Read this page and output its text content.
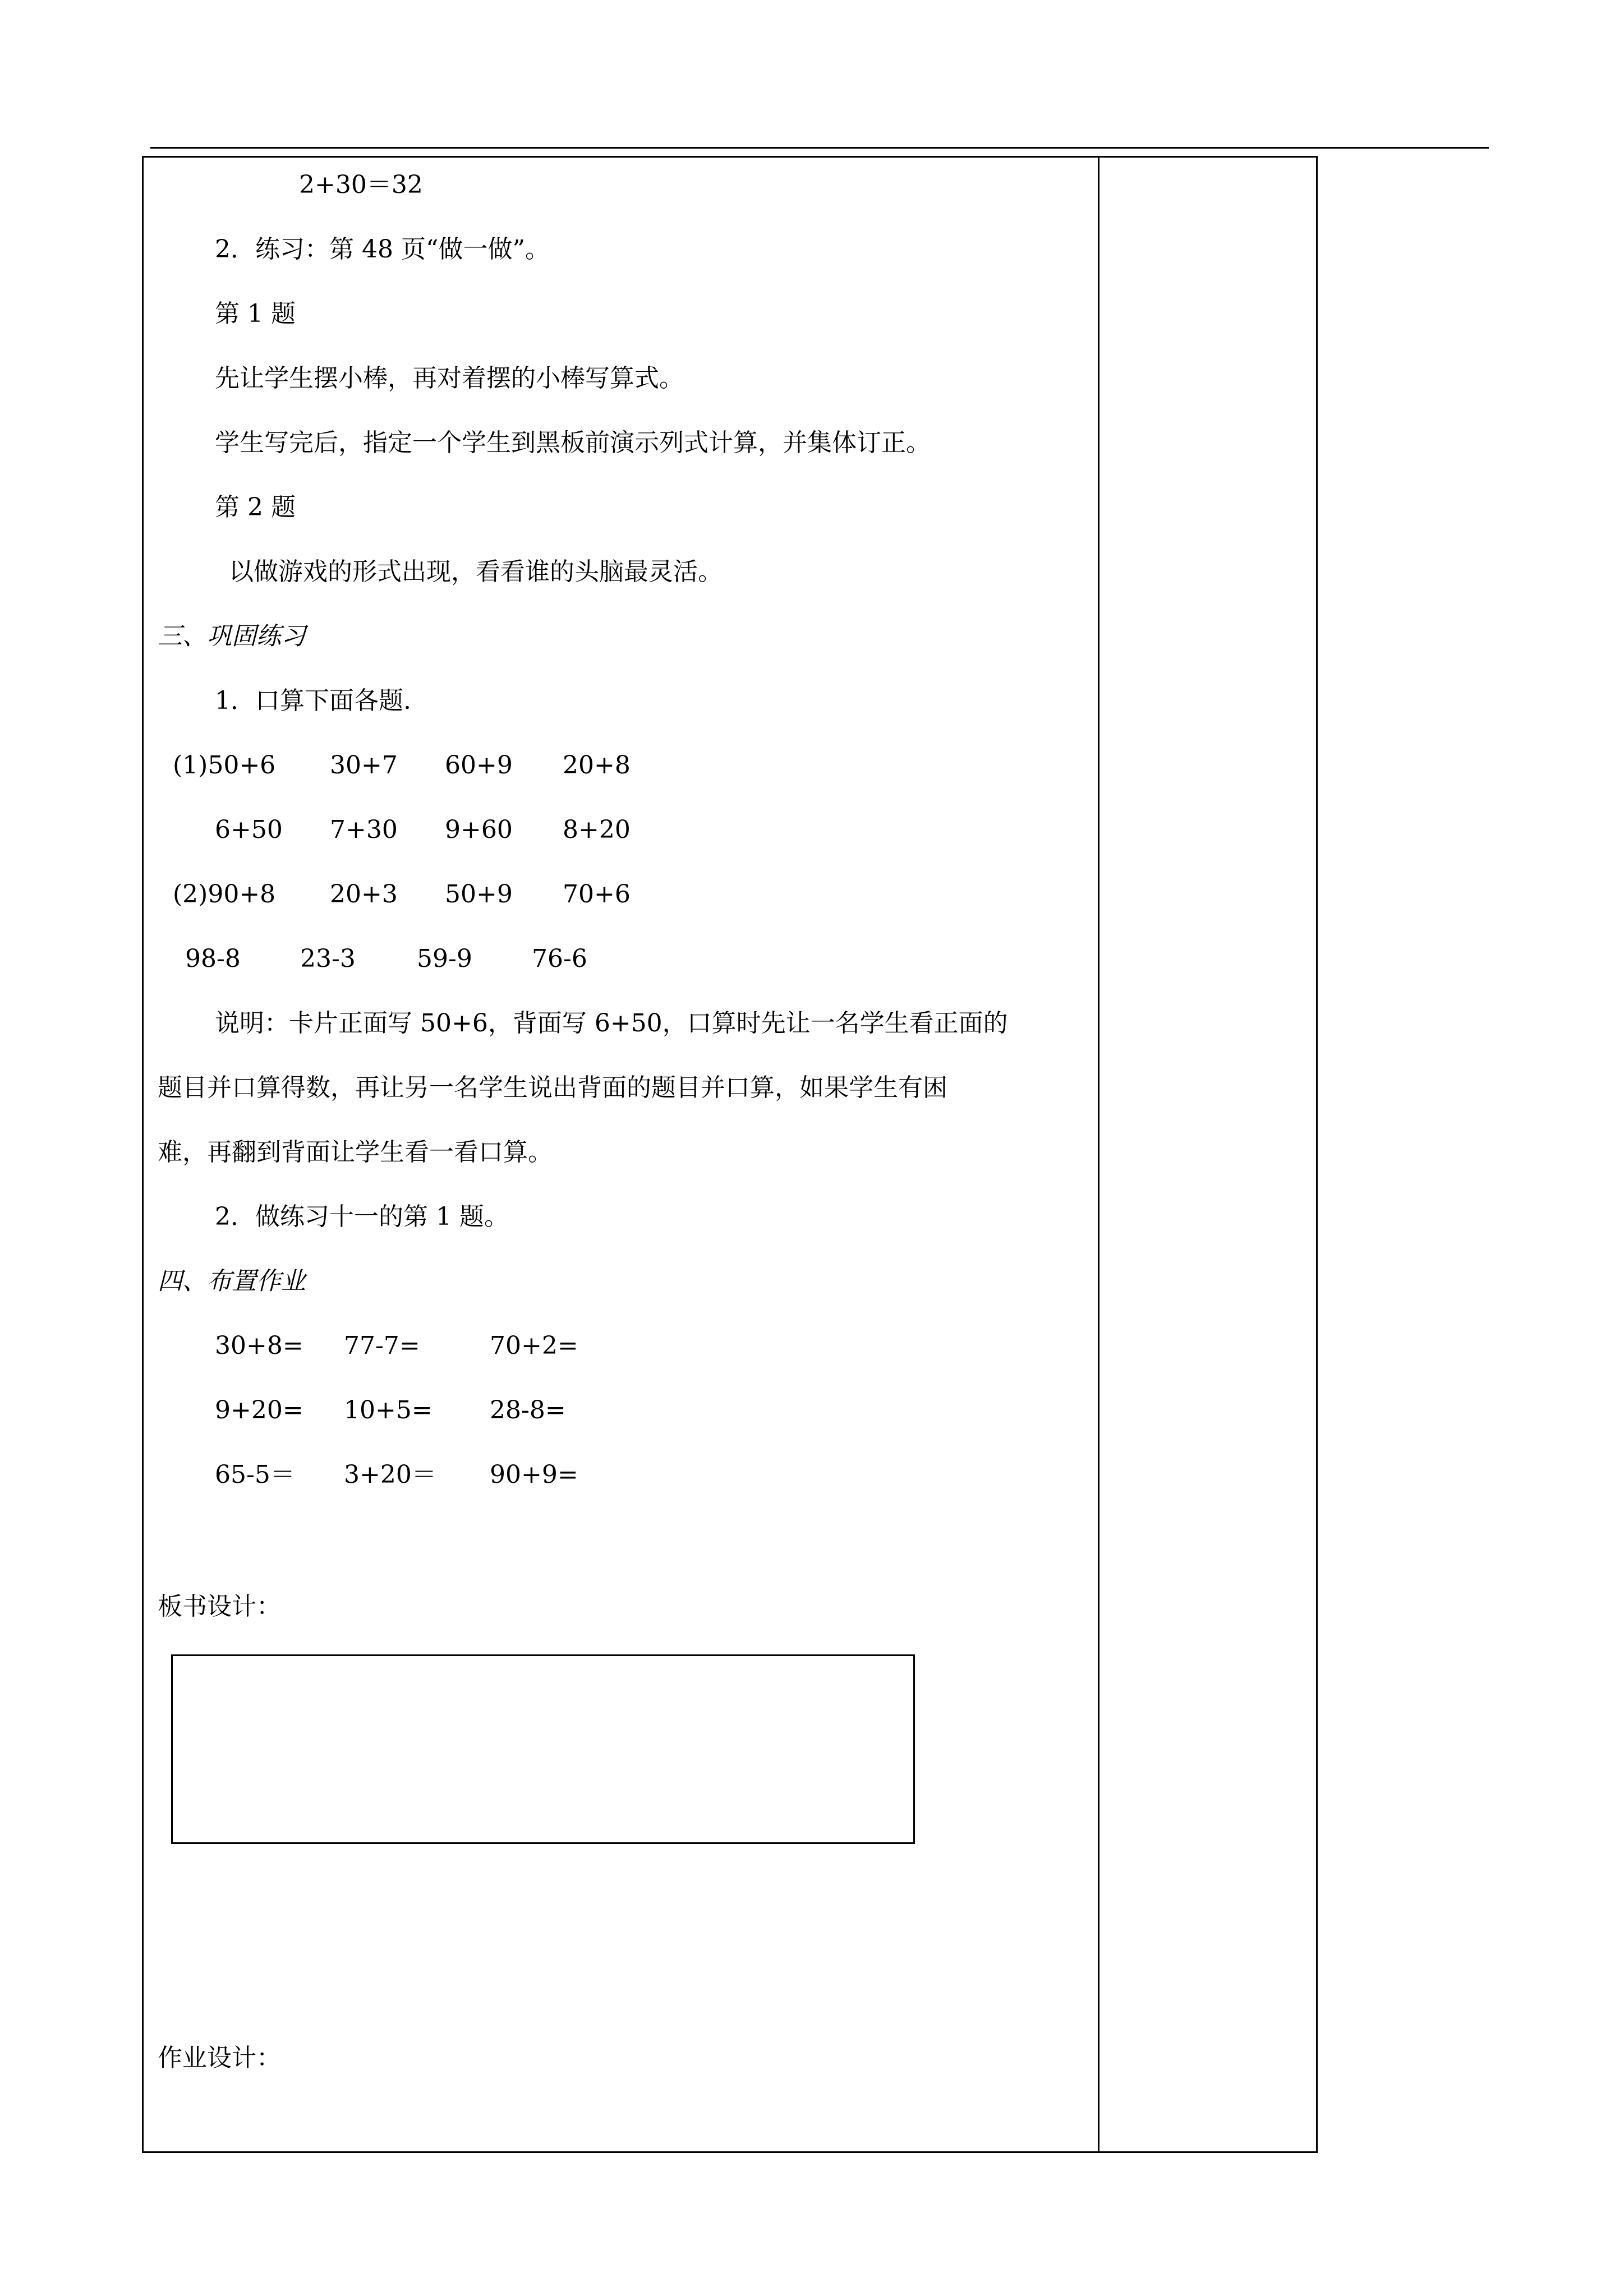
2+30＝32
2．练习：第 48 页“做一做”。
第 1 题
先让学生摆小棒，再对着摆的小棒写算式。
学生写完后，指定一个学生到黑板前演示列式计算，并集体订正。
第 2 题
以做游戏的形式出现，看看谁的头脑最灵活。
三、巩固练习
1．口算下面各题.
(1)50+6 30+7 60+9 20+8
6+50 7+30 9+60 8+20
(2)90+8 20+3 50+9 70+6
98-8 23-3 59-9 76-6
说明：卡片正面写 50+6，背面写 6+50，口算时先让一名学生看正面的
题目并口算得数，再让另一名学生说出背面的题目并口算，如果学生有困
难，再翻到背面让学生看一看口算。
2．做练习十一的第 1 题。
四、布置作业
30+8= 77-7=	70+2=
9+20= 10+5= 28-8=
65-5＝ 3+20＝ 90+9=
板书设计：
作业设计：
